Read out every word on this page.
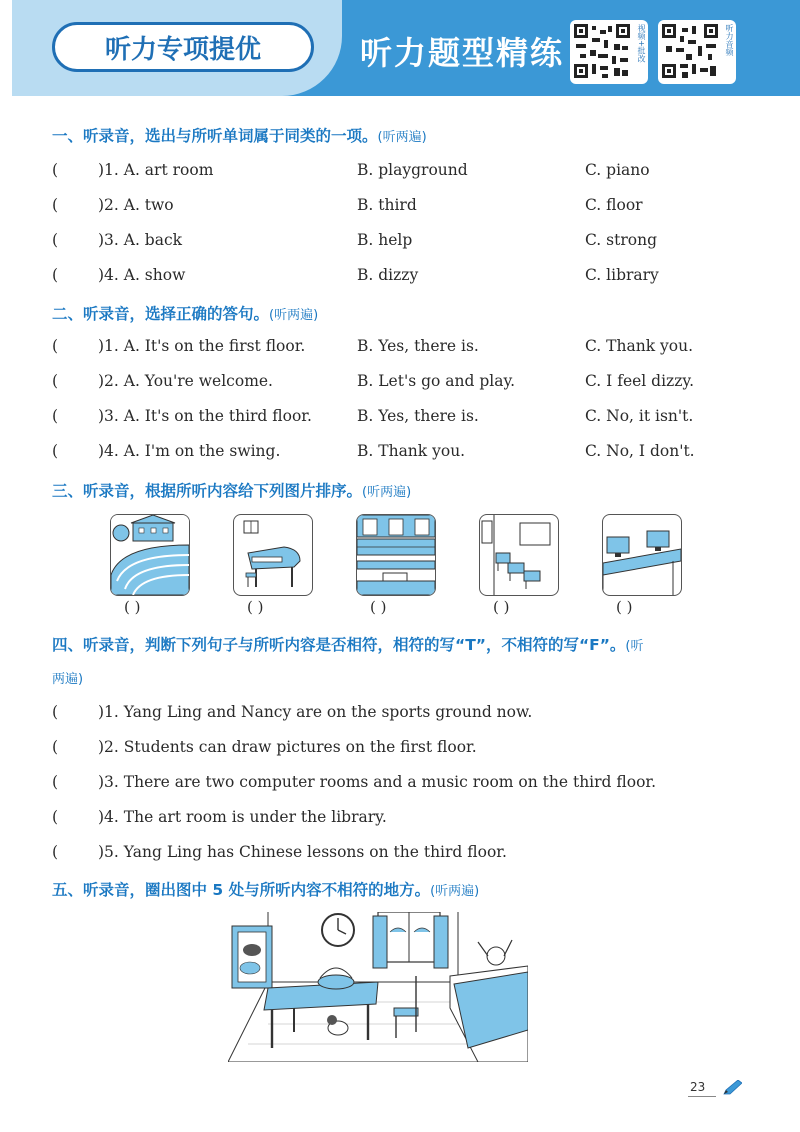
听力专项提优	听力题型精练	视频+批改	听力音频
一、听录音，选出与所听单词属于同类的一项。(听两遍)
(	)1. A. art room	B. playground	C. piano
(	)2. A. two	B. third	C. floor
(	)3. A. back	B. help	C. strong
(	)4. A. show	B. dizzy	C. library
二、听录音，选择正确的答句。(听两遍)
(	)1. A. It's on the first floor.	B. Yes, there is.	C. Thank you.
(	)2. A. You're welcome.	B. Let's go and play.	C. I feel dizzy.
(	)3. A. It's on the third floor.	B. Yes, there is.	C. No, it isn't.
(	)4. A. I'm on the swing.	B. Thank you.	C. No, I don't.
三、听录音，根据所听内容给下列图片排序。(听两遍)
( )	( )	( )	( )	( )
四、听录音，判断下列句子与所听内容是否相符，相符的写“T”，不相符的写“F”。(听
两遍)
(	)1. Yang Ling and Nancy are on the sports ground now.
(	)2. Students can draw pictures on the first floor.
(	)3. There are two computer rooms and a music room on the third floor.
(	)4. The art room is under the library.
(	)5. Yang Ling has Chinese lessons on the third floor.
五、听录音，圈出图中 5 处与所听内容不相符的地方。(听两遍)
23
